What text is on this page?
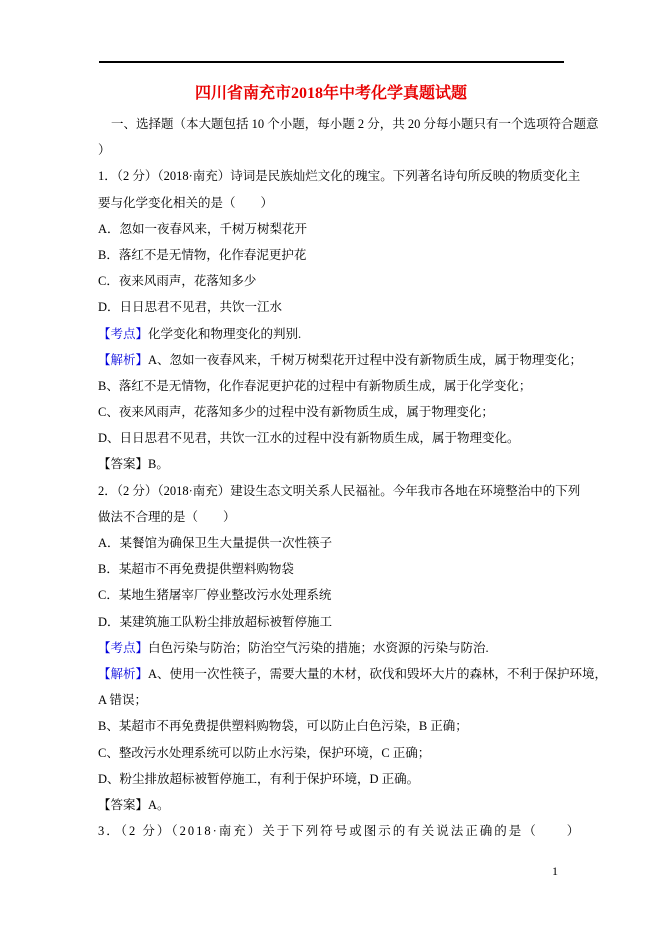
四川省南充市2018年中考化学真题试题
一、选择题（本大题包括 10 个小题，每小题 2 分，共 20 分每小题只有一个选项符合题意
）
1．（2 分）（2018·南充）诗词是民族灿烂文化的瑰宝。下列著名诗句所反映的物质变化主
要与化学变化相关的是（　　）
A．忽如一夜春风来，千树万树梨花开
B．落红不是无情物，化作春泥更护花
C．夜来风雨声，花落知多少
D．日日思君不见君，共饮一江水
【考点】化学变化和物理变化的判别.
【解析】A、忽如一夜春风来，千树万树梨花开过程中没有新物质生成，属于物理变化；
B、落红不是无情物，化作春泥更护花的过程中有新物质生成，属于化学变化；
C、夜来风雨声，花落知多少的过程中没有新物质生成，属于物理变化；
D、日日思君不见君，共饮一江水的过程中没有新物质生成，属于物理变化。
【答案】B。
2．（2 分）（2018·南充）建设生态文明关系人民福祉。今年我市各地在环境整治中的下列
做法不合理的是（　　）
A．某餐馆为确保卫生大量提供一次性筷子
B．某超市不再免费提供塑料购物袋
C．某地生猪屠宰厂停业整改污水处理系统
D．某建筑施工队粉尘排放超标被暂停施工
【考点】白色污染与防治；防治空气污染的措施；水资源的污染与防治.
【解析】A、使用一次性筷子，需要大量的木材，砍伐和毁坏大片的森林，不利于保护环境，
A 错误；
B、某超市不再免费提供塑料购物袋，可以防止白色污染，B 正确；
C、整改污水处理系统可以防止水污染，保护环境，C 正确；
D、粉尘排放超标被暂停施工，有利于保护环境，D 正确。
【答案】A。
3．（2 分）（2018·南充）关于下列符号或图示的有关说法正确的是（　　）
1
